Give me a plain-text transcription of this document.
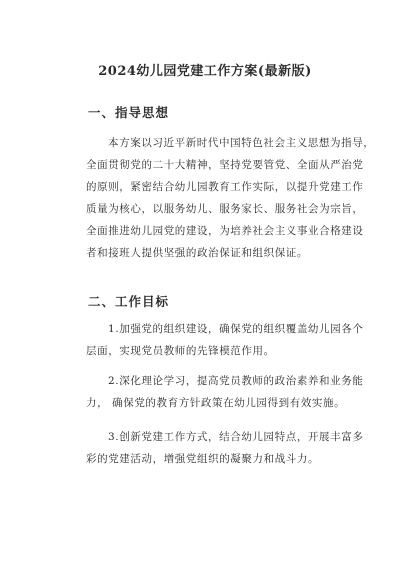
2024幼儿园党建工作方案(最新版)
一、指导思想
本方案以习近平新时代中国特色社会主义思想为指导，
全面贯彻党的二十大精神，坚持党要管党、全面从严治党
的原则，紧密结合幼儿园教育工作实际，以提升党建工作
质量为核心，以服务幼儿、服务家长、服务社会为宗旨，
全面推进幼儿园党的建设，为培养社会主义事业合格建设
者和接班人提供坚强的政治保证和组织保证。
二、工作目标
1.加强党的组织建设，确保党的组织覆盖幼儿园各个
层面，实现党员教师的先锋模范作用。
2.深化理论学习，提高党员教师的政治素养和业务能
力， 确保党的教育方针政策在幼儿园得到有效实施。
3.创新党建工作方式，结合幼儿园特点，开展丰富多
彩的党建活动，增强党组织的凝聚力和战斗力。
